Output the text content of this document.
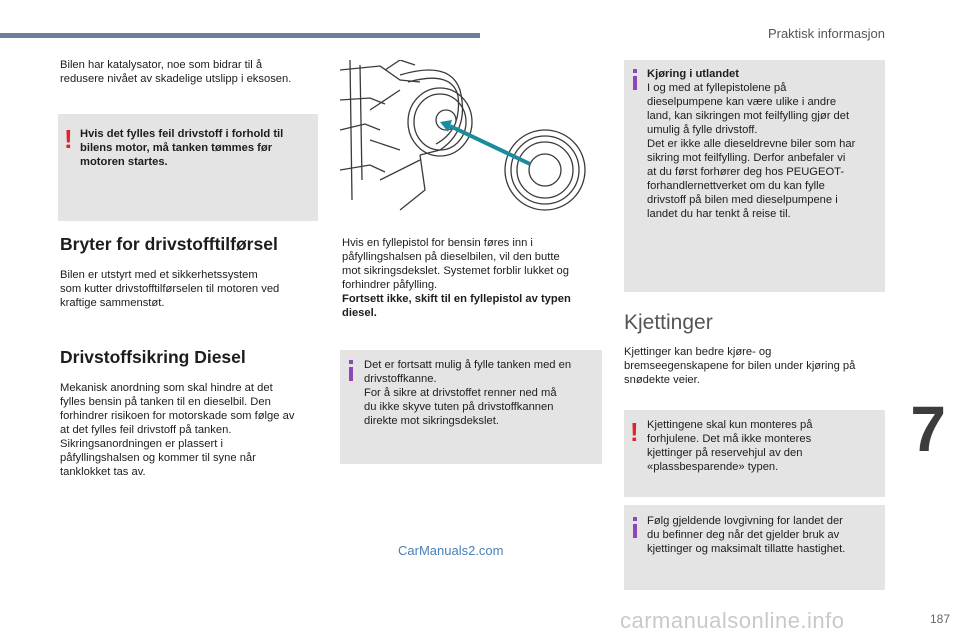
Praktisk informasjon
Bilen har katalysator, noe som bidrar til å
redusere nivået av skadelige utslipp i eksosen.
! Hvis det fylles feil drivstoff i forhold til
bilens motor, må tanken tømmes før
motoren startes.
Bryter for drivstofftilførsel
Bilen er utstyrt med et sikkerhetssystem
som kutter drivstofftilførselen til motoren ved
kraftige sammenstøt.
Drivstoffsikring Diesel
Mekanisk anordning som skal hindre at det
fylles bensin på tanken til en dieselbil. Den
forhindrer risikoen for motorskade som følge av
at det fylles feil drivstoff på tanken.
Sikringsanordningen er plassert i
påfyllingshalsen og kommer til syne når
tanklokket tas av.
Hvis en fyllepistol for bensin føres inn i
påfyllingshalsen på dieselbilen, vil den butte
mot sikringsdekslet. Systemet forblir lukket og
forhindrer påfylling.
Fortsett ikke, skift til en fyllepistol av typen
diesel.
Det er fortsatt mulig å fylle tanken med en
drivstoffkanne.
For å sikre at drivstoffet renner ned må
du ikke skyve tuten på drivstoffkannen
direkte mot sikringsdekslet.
Kjøring i utlandet
I og med at fyllepistolene på
dieselpumpene kan være ulike i andre
land, kan sikringen mot feilfylling gjør det
umulig å fylle drivstoff.
Det er ikke alle dieseldrevne biler som har
sikring mot feilfylling. Derfor anbefaler vi
at du først forhører deg hos PEUGEOT-
forhandlernettverket om du kan fylle
drivstoff på bilen med dieselpumpene i
landet du har tenkt å reise til.
Kjettinger
Kjettinger kan bedre kjøre- og
bremseegenskapene for bilen under kjøring på
snødekte veier.
! Kjettingene skal kun monteres på
forhjulene. Det må ikke monteres
kjettinger på reservehjul av den
«plassbesparende» typen.
Følg gjeldende lovgivning for landet der
du befinner deg når det gjelder bruk av
kjettinger og maksimalt tillatte hastighet.
7
CarManuals2.com
carmanualsonline.info	187
